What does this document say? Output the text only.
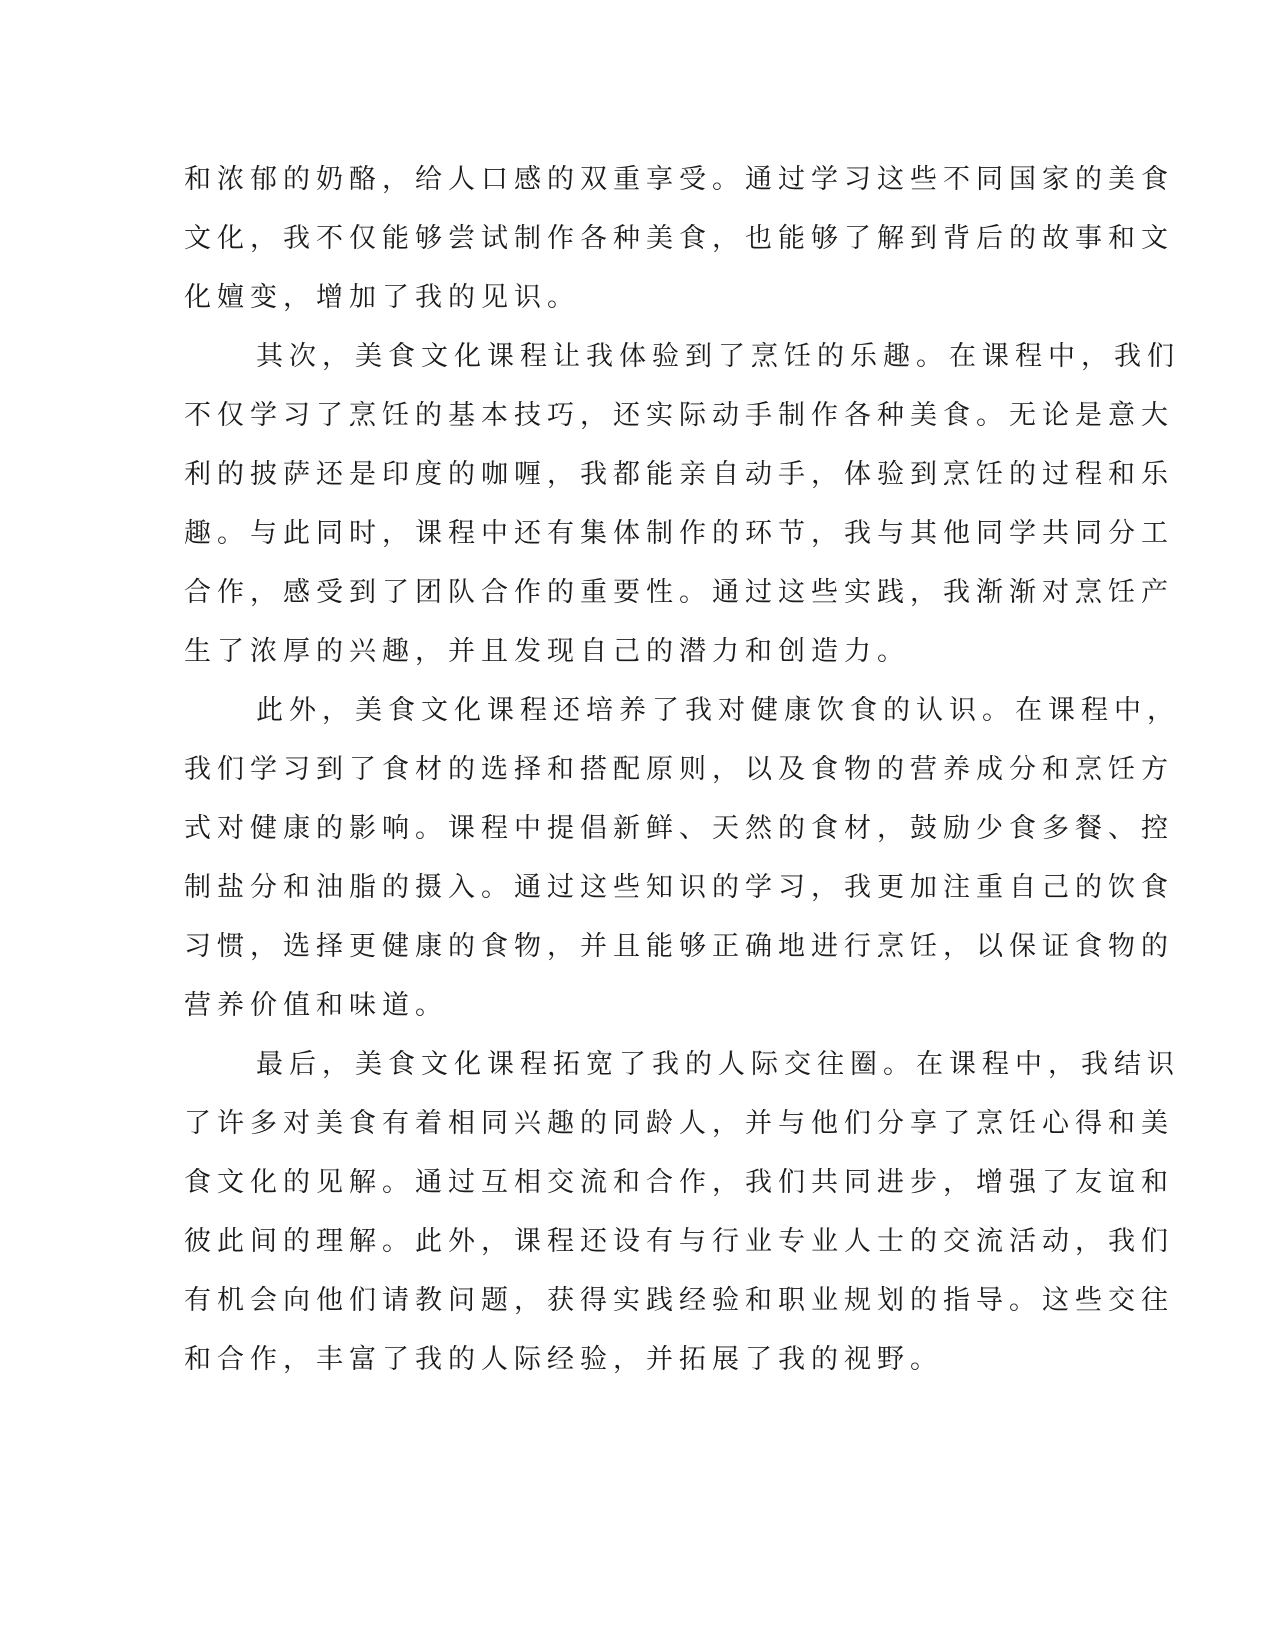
和浓郁的奶酪，给人口感的双重享受。通过学习这些不同国家的美食
文化，我不仅能够尝试制作各种美食，也能够了解到背后的故事和文
化嬗变，增加了我的见识。
其次，美食文化课程让我体验到了烹饪的乐趣。在课程中，我们
不仅学习了烹饪的基本技巧，还实际动手制作各种美食。无论是意大
利的披萨还是印度的咖喱，我都能亲自动手，体验到烹饪的过程和乐
趣。与此同时，课程中还有集体制作的环节，我与其他同学共同分工
合作，感受到了团队合作的重要性。通过这些实践，我渐渐对烹饪产
生了浓厚的兴趣，并且发现自己的潜力和创造力。
此外，美食文化课程还培养了我对健康饮食的认识。在课程中，
我们学习到了食材的选择和搭配原则，以及食物的营养成分和烹饪方
式对健康的影响。课程中提倡新鲜、天然的食材，鼓励少食多餐、控
制盐分和油脂的摄入。通过这些知识的学习，我更加注重自己的饮食
习惯，选择更健康的食物，并且能够正确地进行烹饪，以保证食物的
营养价值和味道。
最后，美食文化课程拓宽了我的人际交往圈。在课程中，我结识
了许多对美食有着相同兴趣的同龄人，并与他们分享了烹饪心得和美
食文化的见解。通过互相交流和合作，我们共同进步，增强了友谊和
彼此间的理解。此外，课程还设有与行业专业人士的交流活动，我们
有机会向他们请教问题，获得实践经验和职业规划的指导。这些交往
和合作，丰富了我的人际经验，并拓展了我的视野。
